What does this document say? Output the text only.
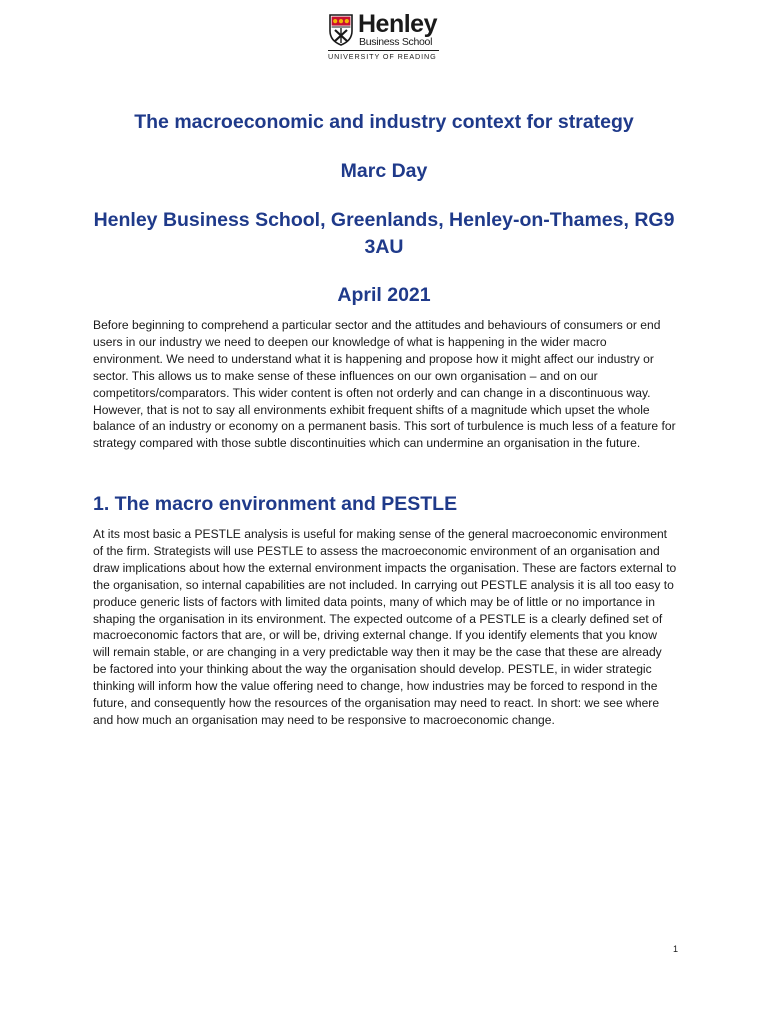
Henley
Business School
UNIVERSITY OF READING
The macroeconomic and industry context for strategy
Marc Day
Henley Business School, Greenlands, Henley-on-Thames, RG9 3AU
April 2021

Before beginning to comprehend a particular sector and the attitudes and behaviours of consumers or end users in our industry we need to deepen our knowledge of what is happening in the wider macro environment. We need to understand what it is happening and propose how it might affect our industry or sector. This allows us to make sense of these influences on our own organisation – and on our competitors/comparators. This wider content is often not orderly and can change in a discontinuous way. However, that is not to say all environments exhibit frequent shifts of a magnitude which upset the whole balance of an industry or economy on a permanent basis. This sort of turbulence is much less of a feature for strategy compared with those subtle discontinuities which can undermine an organisation in the future.

1. The macro environment and PESTLE

At its most basic a PESTLE analysis is useful for making sense of the general macroeconomic environment of the firm. Strategists will use PESTLE to assess the macroeconomic environment of an organisation and draw implications about how the external environment impacts the organisation. These are factors external to the organisation, so internal capabilities are not included. In carrying out PESTLE analysis it is all too easy to produce generic lists of factors with limited data points, many of which may be of little or no importance in shaping the organisation in its environment. The expected outcome of a PESTLE is a clearly defined set of macroeconomic factors that are, or will be, driving external change. If you identify elements that you know will remain stable, or are changing in a very predictable way then it may be the case that these are already be factored into your thinking about the way the organisation should develop. PESTLE, in wider strategic thinking will inform how the value offering need to change, how industries may be forced to respond in the future, and consequently how the resources of the organisation may need to react. In short: we see where and how much an organisation may need to be responsive to macroeconomic change.

1
